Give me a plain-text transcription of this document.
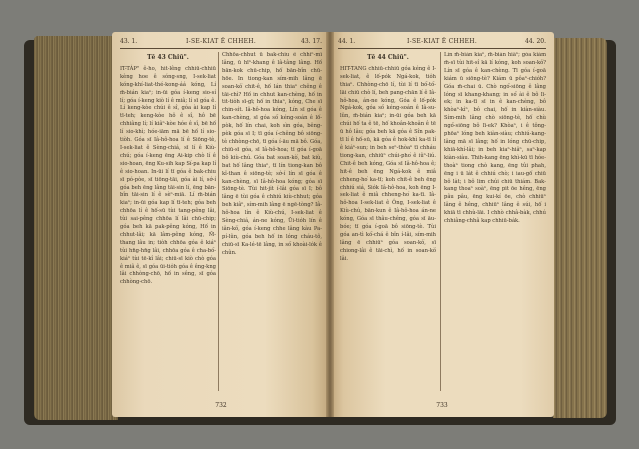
43. 1.	I-SE-KIAT Ê CHHEH.	43. 17.
Tē 43 Chiū".
IT-TÁP" ê-ho, hit-lêng chhiū-chhiū kèng hoe ê sóng-sng, I-sek-liat kóng-khí-liat-thé-kong-áá kóng, Lí m̄-bián kiaⁿ; in-ūi góa í-keng sio-sí lí; góa í-keng kiò lí ê miâ; lí sī góa ê. Lí keng-kòe chúi ê sî, góa ài kap lí tī-teh; keng-kòe hô ê sî, hô bē chhiâng lí; lí kiâⁿ-kòe hóe ê sî, bē hō͘ lí sio-khì; hóe-iām mā bē hō͘ lí sio-tiòh. Góa sī Iâ-hô-hoa lí ê Siōng-tè, I-sek-liat ê Sèng-chiá, sī lí ê Kiù-chú; góa í-keng ēng Ai-kip chò lí ê sio-hoan, ēng Ku-sih kap Sí-pa kap lí ê sio-hoan. In-ūi lí tī góa ê bak-chiu sī pó-pòe, sī tiōng-tāi, góa ài lí, sớ-í góa beh ēng lâng tāi-sin lí, ēng bān-bîn tāi-sin lí ê sèⁿ-miā. Lí m̄-bián kiaⁿ; in-ūi góa kap lí tī-teh; góa beh chhōa lí ê hō͘-sū tùi tang-pêng lâi, tùi sai-pêng chhōa lí lâi chū-chip; góa beh kā pak-pêng kóng, Hō͘ in chhut-lâi; kā lâm-pêng kóng, M̄-thang lâu in; tio̍h chhōa góa ê kiáⁿ tùi hn̄g-hn̄g lâi, chhōa góa ê cha-bó͘-kiáⁿ tùi tē-kî lâi; chiū-sī kiò chò góa ê miâ ê, sī góa ūi-tio̍h góa ê êng-kng lâi chhòng-chō, hō͘ in sêng, sī góa chhòng-chō.
Chhōa-chhut ū bak-chiu ê chhiⁿ-mî lâng, ū hīⁿ-khang ê lâ-tâng lâng. Hō͘ bān-kok chū-chip, hō͘ bān-bîn chū-hōe. In tiong-kan sím-mih lâng ē soan-kò͘ chit-ê, hō͘ lán thiaⁿ chêng ê tāi-chì? Hō͘ in chhut kan-chèng, hō͘ in tit-tio̍h sī-gī; hō͘ in thiaⁿ, kóng, Che sī chin-si̍t. Iâ-hô-hoa kóng, Lín sī góa ê kan-chèng, sī góa só͘ kéng-soán ê lō͘-po̍k, hō͘ lín chai, koh sìn góa, bêng-pe̍k góa sī I; tī góa í-chêng bô siōng-tè chhòng-chō, tī góa í-āu mā bô. Góa, chiū-sī góa, sī Iâ-hô-hoa; tī góa í-goā bô kiù-chú. Góa bat soan-kò͘, bat kiù, bat hō͘ lâng thiaⁿ, tī lín tiong-kan bô kî-than ê siōng-tè; sớ-í lín sī góa ê kan-chèng, sī Iâ-hô-hoa kóng; góa sī Siōng-tè. Tùi hit-ji̍t í-lâi góa sī I; bô lâng ē tùi góa ê chhiú kiù-chhut; góa beh kiâⁿ, sím-mih lâng ē ngē-tòng? Iâ-hô-hoa lín ê Kiù-chú, I-sek-liat ê Sèng-chiá, án-ne kóng, Ūi-tio̍h lín ê iân-kò͘, góa í-keng chhe lâng kàu Pa-pí-lûn, góa beh hō͘ in lóng cháu-tô, chiū-sī Ka-lé-tē lâng, in só͘ khoài-lo̍k ê chûn.
732
44. 1.	I-SE-KIAT Ê CHHEH.	44. 20.
Tē 44 Chiū".
HIT-TANG chhiū-chhiū góa kéng ê I-sek-liat, ê lō͘-po̍k Ngá-kok, tio̍h thiaⁿ. Chhòng-chō lí, tùi lí tī bó͘-tó͘-lāi chiū chò lí, beh pang-chān lí ê Iâ-hô-hoa, án-ne kóng, Góa ê lō͘-po̍k Ngá-kok, góa só͘ kéng-soán ê Iâ-su-lûn, m̄-bián kiaⁿ; in-ūi góa beh kā chúi hō͘ ta ê tē, hō͘ khoân-khoân ê tē ū hô lâu; góa beh kā góa ê Sîn pak-tī lí ê hō͘-sū, kā góa ê hok-khì ka-tī lí ê kiáⁿ-sun; in beh seⁿ-thòaⁿ tī chháu tiong-kan, chhiūⁿ chúi-pho͘ ê iûⁿ-liú. Chit-ê beh kóng, Góa sī Iâ-hô-hoa ê; hit-ê beh ēng Ngá-kok ê miâ chheng-ho͘ ka-tī; koh chit-ê beh ēng chhiú siá, Sio̍k Iâ-hô-hoa, koh ēng I-sek-liat ê miâ chheng-ho͘ ka-tī. Iâ-hô-hoa I-sek-liat ê Ông, I-sek-liat ê Kiù-chú, bān-kun ê Iâ-hô-hoa án-ne kóng, Góa sī thâu-chêng, góa sī āu-bóe; tī góa í-goā bô siōng-tè. Tùi góa an-tì kó͘-chá ê bîn í-lâi, sím-mih lâng ē chhiūⁿ góa soan-kò͘, sī chiong-lâi ê tāi-chì, hō͘ in soan-kò͘ lâi.
Lín m̄-bián kiaⁿ, m̄-bián hiâⁿ; góa kiám m̄-sī tùi hit-sî kā lí kóng, koh soan-kò͘? Lín sī góa ê kan-chèng. Tī góa í-goā kiám ū siōng-tè? Kiám ū pôaⁿ-chio̍h? Góa m̄-chai ū. Chò ngó͘-siōng ê lâng lóng sī khang-khang; in só͘ ài ê bô lī-ek; in ka-tī sī in ê kan-chèng, bô khòaⁿ-kìⁿ, bô chai, hō͘ in kiàn-siàu. Sím-mih lâng chò siōng-tè, hō͘ chù ngó͘-siōng bô lī-ek? Khòaⁿ, i ê tông-phōaⁿ lóng beh kiàn-siàu; chhiú-kang-lâng mā sī lâng; hō͘ in lóng chū-chip, khiā-khí-lâi; in beh kiaⁿ-hiâⁿ, saⁿ-kap kiàn-siàu. Thih-kang ēng khì-kū tī hóe-thoàⁿ tiong chò kang, ēng tûi phah, ēng i ū la̍t ê chhiú chò; i iau-gō͘ chiū bô la̍t; i bô lim chúi chiū thiám. Bak-kang thoaⁿ soàⁿ, ēng pit ōe hêng, ēng pâu pâu, ēng kui-kí ōe, chò chhiūⁿ lâng ê hêng, chhiūⁿ lâng ê súi, hō͘ i khiā tī chhù-lāi. I chhò chhâ-ba̍k, chhú chhiâng-chhâ kap chhiū-ba̍k.
733
